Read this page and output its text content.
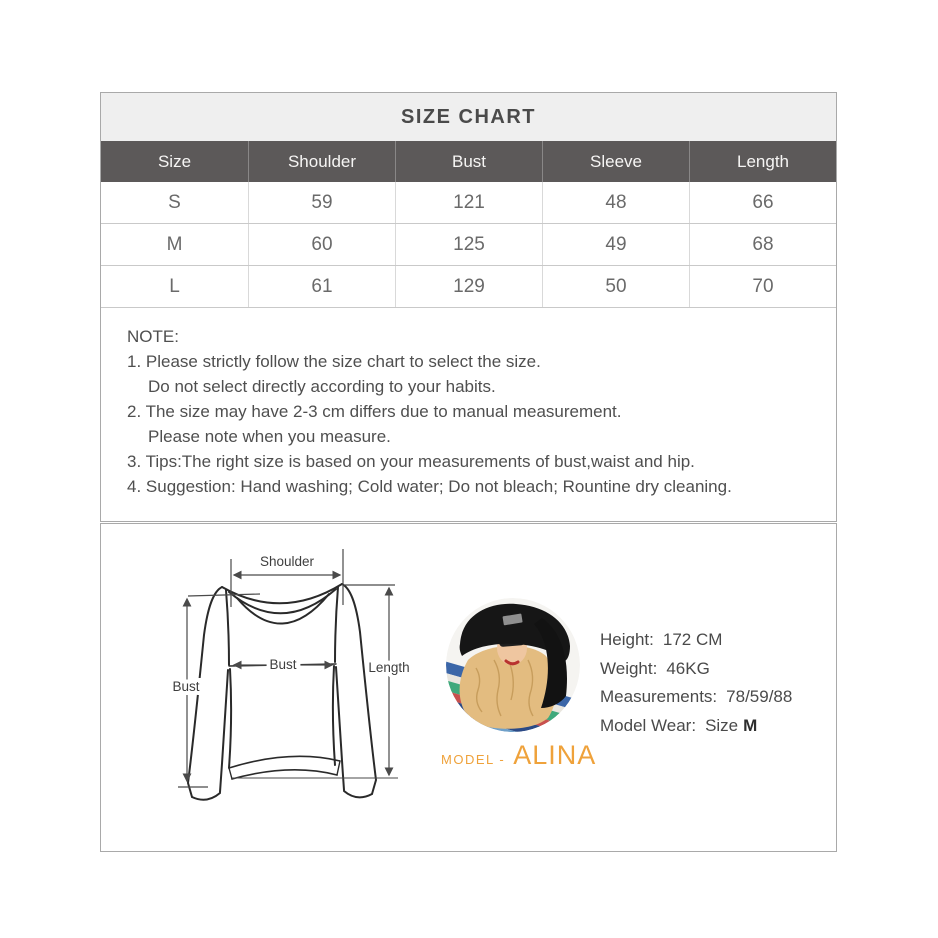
SIZE CHART
Size	Shoulder	Bust	Sleeve	Length
S	59	121	48	66
M	60	125	49	68
L	61	129	50	70
NOTE:
1. Please strictly follow the size chart to select the size.
Do not select directly according to your habits.
2. The size may have 2-3 cm differs due to manual measurement.
Please note when you measure.
3. Tips:The right size is based on your measurements of bust,waist and hip.
4. Suggestion: Hand washing; Cold water; Do not bleach; Rountine dry cleaning.
Shoulder
Bust
Bust
Length
MODEL - ALINA
Height: 172 CM
Weight: 46KG
Measurements: 78/59/88
Model Wear: Size M
